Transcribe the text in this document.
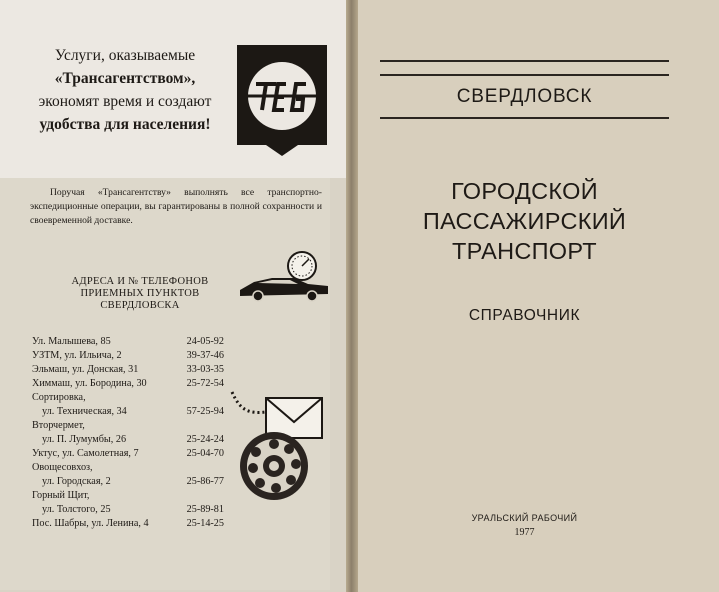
Услуги, оказываемые
«Трансагентством»,
экономят время и создают
удобства для населения!
Поручая «Трансагентству» выполнять все транспортно-экспедиционные операции, вы гарантированы в полной сохранности и своевременной доставке.
АДРЕСА И № ТЕЛЕФОНОВ
ПРИЕМНЫХ ПУНКТОВ
СВЕРДЛОВСКА
Ул. Малышева, 85	24-05-92
УЗТМ, ул. Ильича, 2	39-37-46
Эльмаш, ул. Донская, 31	33-03-35
Химмаш, ул. Бородина, 30	25-72-54
Сортировка,
ул. Техническая, 34	57-25-94
Вторчермет,
ул. П. Лумумбы, 26	25-24-24
Уктус, ул. Самолетная, 7	25-04-70
Овощесовхоз,
ул. Городская, 2	25-86-77
Горный Щит,
ул. Толстого, 25	25-89-81
Пос. Шабры, ул. Ленина, 4	25-14-25
СВЕРДЛОВСК
ГОРОДСКОЙ
ПАССАЖИРСКИЙ
ТРАНСПОРТ
СПРАВОЧНИК
УРАЛЬСКИЙ РАБОЧИЙ
1977
